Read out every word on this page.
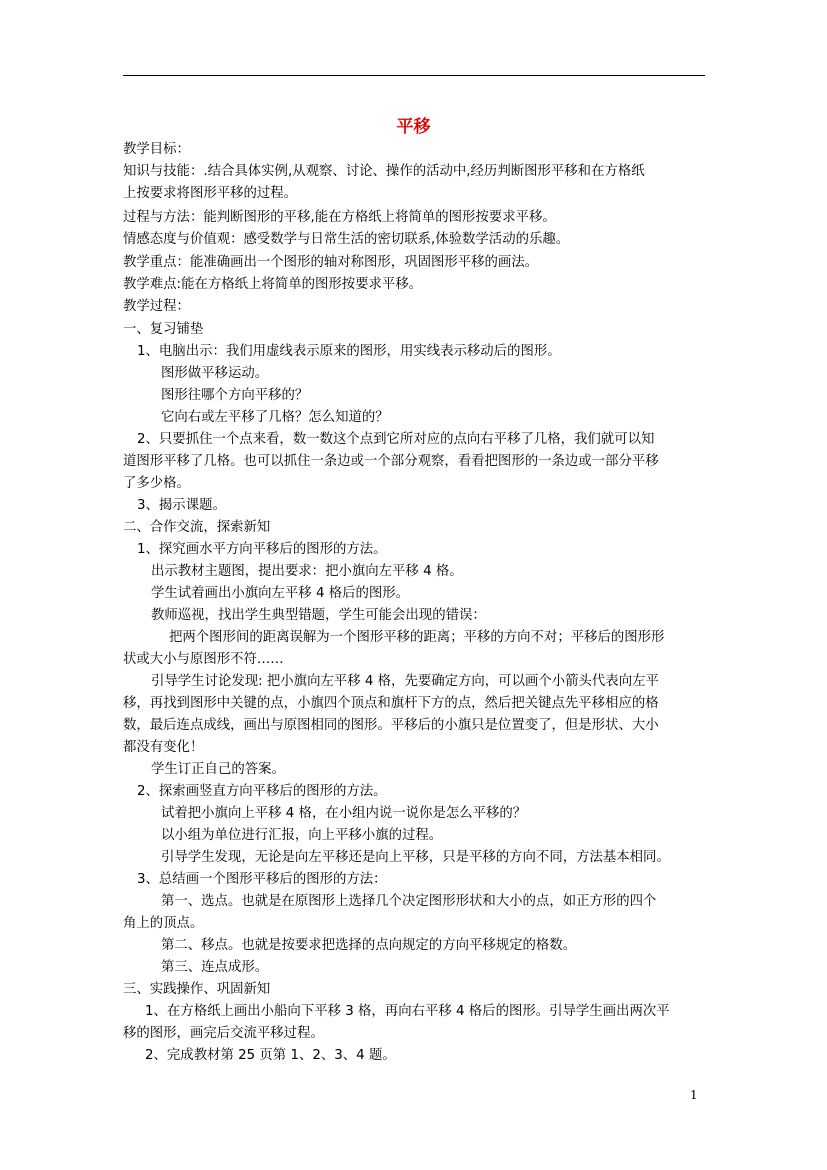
平移
教学目标：
知识与技能：.结合具体实例,从观察、讨论、操作的活动中,经历判断图形平移和在方格纸
上按要求将图形平移的过程。
过程与方法：能判断图形的平移,能在方格纸上将简单的图形按要求平移。
情感态度与价值观：感受数学与日常生活的密切联系,体验数学活动的乐趣。
教学重点：能准确画出一个图形的轴对称图形，巩固图形平移的画法。
教学难点:能在方格纸上将简单的图形按要求平移。
教学过程：
一、复习铺垫
1、电脑出示：我们用虚线表示原来的图形，用实线表示移动后的图形。
图形做平移运动。
图形往哪个方向平移的？
它向右或左平移了几格？怎么知道的？
2、只要抓住一个点来看，数一数这个点到它所对应的点向右平移了几格，我们就可以知
道图形平移了几格。也可以抓住一条边或一个部分观察，看看把图形的一条边或一部分平移
了多少格。
3、揭示课题。
二、合作交流，探索新知
1、探究画水平方向平移后的图形的方法。
出示教材主题图，提出要求：把小旗向左平移 4 格。
学生试着画出小旗向左平移 4 格后的图形。
教师巡视，找出学生典型错题，学生可能会出现的错误：
把两个图形间的距离误解为一个图形平移的距离；平移的方向不对；平移后的图形形
状或大小与原图形不符……
引导学生讨论发现: 把小旗向左平移 4 格，先要确定方向，可以画个小箭头代表向左平
移，再找到图形中关键的点，小旗四个顶点和旗杆下方的点，然后把关键点先平移相应的格
数，最后连点成线，画出与原图相同的图形。平移后的小旗只是位置变了，但是形状、大小
都没有变化！
学生订正自己的答案。
2、探索画竖直方向平移后的图形的方法。
试着把小旗向上平移 4 格，在小组内说一说你是怎么平移的？
以小组为单位进行汇报，向上平移小旗的过程。
引导学生发现，无论是向左平移还是向上平移，只是平移的方向不同，方法基本相同。
3、总结画一个图形平移后的图形的方法：
第一、选点。也就是在原图形上选择几个决定图形形状和大小的点，如正方形的四个
角上的顶点。
第二、移点。也就是按要求把选择的点向规定的方向平移规定的格数。
第三、连点成形。
三、实践操作、巩固新知
1、在方格纸上画出小船向下平移 3 格，再向右平移 4 格后的图形。引导学生画出两次平
移的图形，画完后交流平移过程。
2、完成教材第 25 页第 1、2、3、4 题。
1
